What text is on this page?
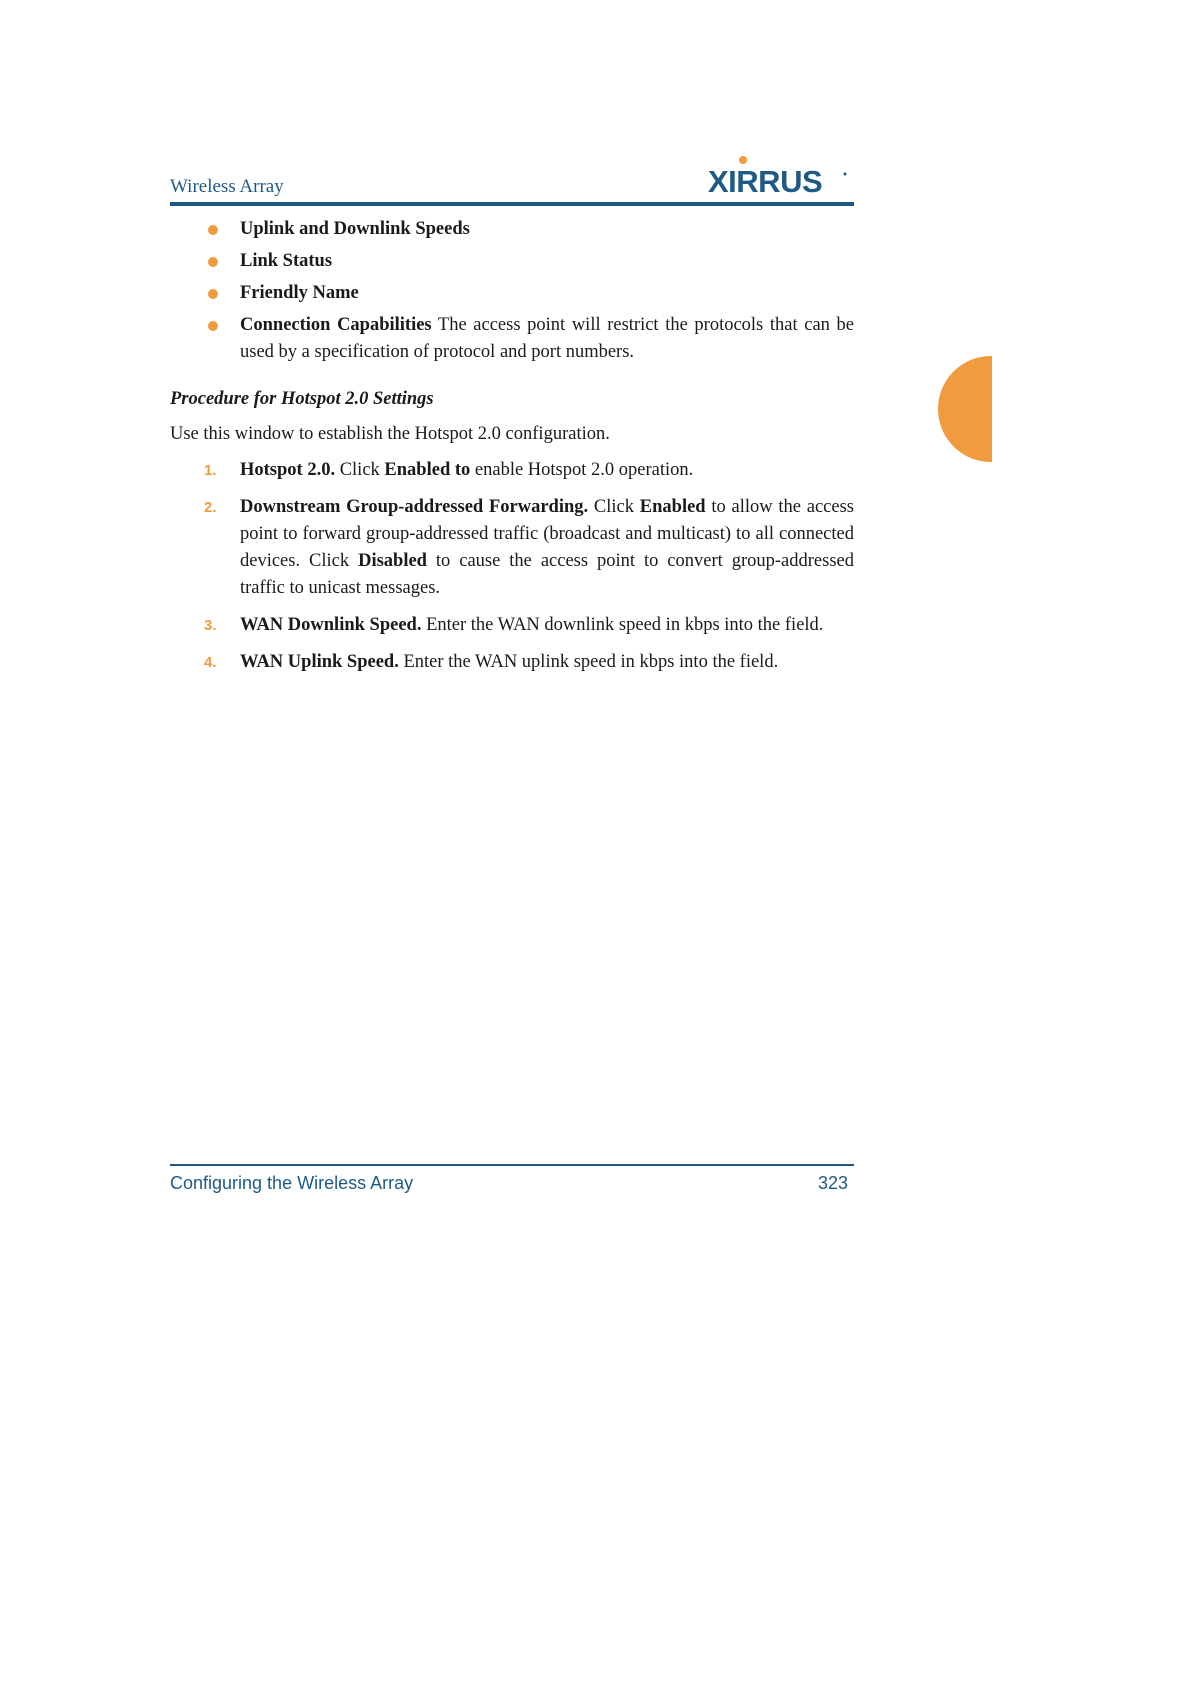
Wireless Array	XIRRUS
Uplink and Downlink Speeds
Link Status
Friendly Name
Connection Capabilities The access point will restrict the protocols that can be used by a specification of protocol and port numbers.

Procedure for Hotspot 2.0 Settings

Use this window to establish the Hotspot 2.0 configuration.

1. Hotspot 2.0. Click Enabled to enable Hotspot 2.0 operation.
2. Downstream Group-addressed Forwarding. Click Enabled to allow the access point to forward group-addressed traffic (broadcast and multicast) to all connected devices. Click Disabled to cause the access point to convert group-addressed traffic to unicast messages.
3. WAN Downlink Speed. Enter the WAN downlink speed in kbps into the field.
4. WAN Uplink Speed. Enter the WAN uplink speed in kbps into the field.
Configuring the Wireless Array	323
